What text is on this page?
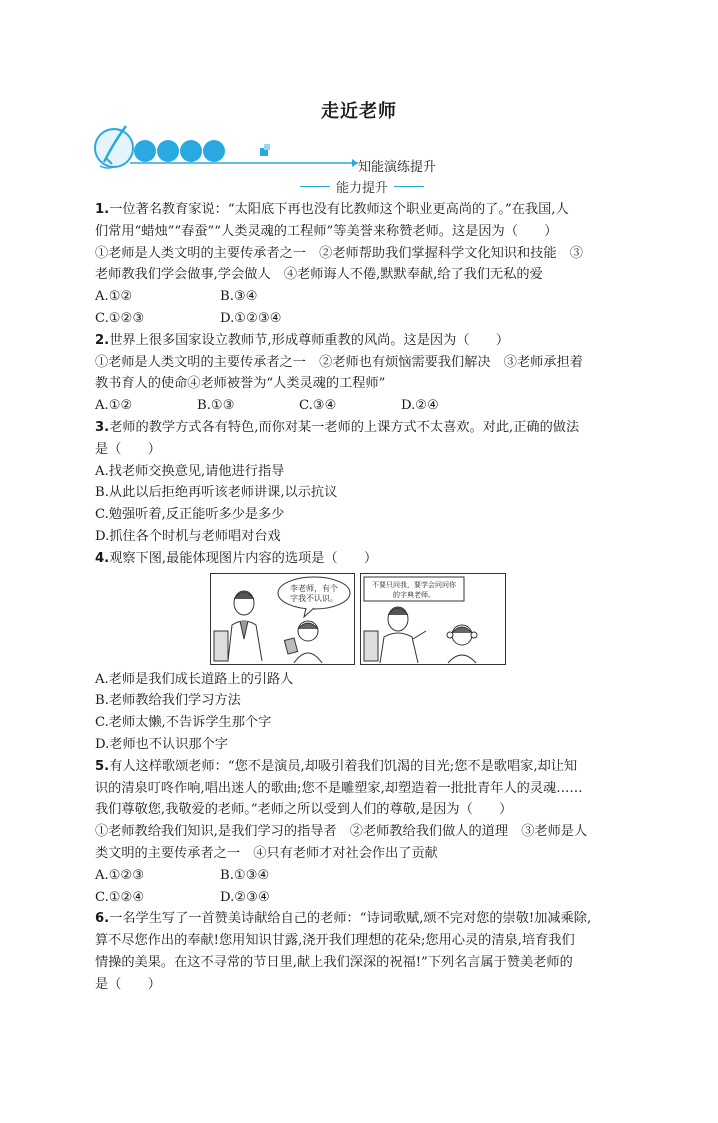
走近老师
知能演练提升
能力提升
1.一位著名教育家说：“太阳底下再也没有比教师这个职业更高尚的了。”在我国,人
们常用“蜡烛”“春蚕”“人类灵魂的工程师”等美誉来称赞老师。这是因为（　　）
①老师是人类文明的主要传承者之一　②老师帮助我们掌握科学文化知识和技能　③
老师教我们学会做事,学会做人　④老师诲人不倦,默默奉献,给了我们无私的爱
A.①②	B.③④
C.①②③	D.①②③④
2.世界上很多国家设立教师节,形成尊师重教的风尚。这是因为（　　）
①老师是人类文明的主要传承者之一　②老师也有烦恼需要我们解决　③老师承担着
教书育人的使命④老师被誉为“人类灵魂的工程师”
A.①②	B.①③	C.③④	D.②④
3.老师的教学方式各有特色,而你对某一老师的上课方式不太喜欢。对此,正确的做法
是（　　）
A.找老师交换意见,请他进行指导
B.从此以后拒绝再听该老师讲课,以示抗议
C.勉强听着,反正能听多少是多少
D.抓住各个时机与老师唱对台戏
4.观察下图,最能体现图片内容的选项是（　　）
李老师，有个
字我不认识。
不要只问我，要学会问问你
的字典老师。
A.老师是我们成长道路上的引路人
B.老师教给我们学习方法
C.老师太懒,不告诉学生那个字
D.老师也不认识那个字
5.有人这样歌颂老师：“您不是演员,却吸引着我们饥渴的目光;您不是歌唱家,却让知
识的清泉叮咚作响,唱出迷人的歌曲;您不是雕塑家,却塑造着一批批青年人的灵魂……
我们尊敬您,我敬爱的老师。”老师之所以受到人们的尊敬,是因为（　　）
①老师教给我们知识,是我们学习的指导者　②老师教给我们做人的道理　③老师是人
类文明的主要传承者之一　④只有老师才对社会作出了贡献
A.①②③	B.①③④
C.①②④	D.②③④
6.一名学生写了一首赞美诗献给自己的老师：“诗词歌赋,颂不完对您的崇敬!加减乘除,
算不尽您作出的奉献!您用知识甘露,浇开我们理想的花朵;您用心灵的清泉,培育我们
情操的美果。在这不寻常的节日里,献上我们深深的祝福!”下列名言属于赞美老师的
是（　　）
